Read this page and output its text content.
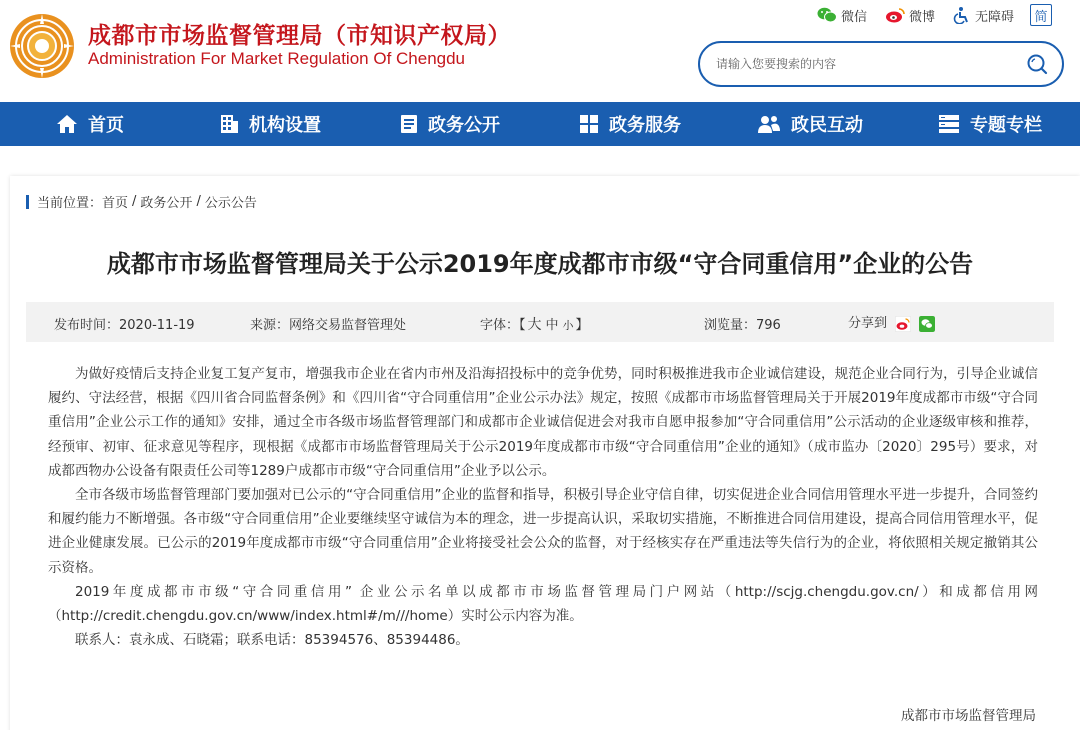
成都市市场监督管理局（市知识产权局）
Administration For Market Regulation Of Chengdu
微信	微博	无障碍	简
请输入您要搜索的内容
首页	机构设置	政务公开	政务服务	政民互动	专题专栏
当前位置： 首页 / 政务公开 / 公示公告
成都市市场监督管理局关于公示2019年度成都市市级“守合同重信用”企业的公告
发布时间：2020-11-19	来源：网络交易监督管理处	字体：【 大 中 小 】	浏览量：796	分享到

为做好疫情后支持企业复工复产复市，增强我市企业在省内市州及沿海招投标中的竞争优势，同时积极推进我市企业诚信建设，规范企业合同行为，引导企业诚信履约、守法经营，根据《四川省合同监督条例》和《四川省“守合同重信用”企业公示办法》规定，按照《成都市市场监督管理局关于开展2019年度成都市市级“守合同重信用”企业公示工作的通知》安排，通过全市各级市场监督管理部门和成都市企业诚信促进会对我市自愿申报参加“守合同重信用”公示活动的企业逐级审核和推荐，经预审、初审、征求意见等程序，现根据《成都市市场监督管理局关于公示2019年度成都市市级“守合同重信用”企业的通知》（成市监办〔2020〕295号）要求，对成都西物办公设备有限责任公司等1289户成都市市级“守合同重信用”企业予以公示。

全市各级市场监督管理部门要加强对已公示的“守合同重信用”企业的监督和指导，积极引导企业守信自律，切实促进企业合同信用管理水平进一步提升，合同签约和履约能力不断增强。各市级“守合同重信用”企业要继续坚守诚信为本的理念，进一步提高认识，采取切实措施，不断推进合同信用建设，提高合同信用管理水平，促进企业健康发展。已公示的2019年度成都市市级“守合同重信用”企业将接受社会公众的监督，对于经核实存在严重违法等失信行为的企业，将依照相关规定撤销其公示资格。

2019年度成都市市级“守合同重信用” 企业公示名单以成都市市场监督管理局门户网站（http://scjg.chengdu.gov.cn/）和成都信用网（http://credit.chengdu.gov.cn/www/index.html#/m///home）实时公示内容为准。

联系人：袁永成、石晓霜；联系电话：85394576、85394486。

成都市市场监督管理局
